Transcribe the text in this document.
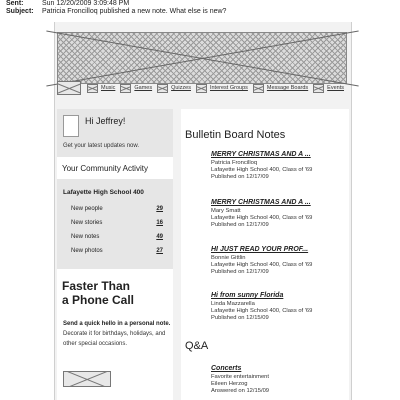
Sent:	Sun 12/20/2009 3:09:48 PM
Subject:	Patricia Froncilloq published a new note. What else is new?
Music	Games	Quizzes	Interest Groups	Message Boards	Events
Hi Jeffrey!
Get your latest updates now.
Your Community Activity
Lafayette High School 400
New people	29
New stories	16
New notes	49
New photos	27
Faster Than
a Phone Call
Send a quick hello in a personal note. Decorate it for birthdays, holidays, and other special occasions.
Bulletin Board Notes
MERRY CHRISTMAS AND A ...
Patricia Froncilloq
Lafayette High School 400, Class of '69
Published on 12/17/09
MERRY CHRISTMAS AND A ...
Mary Smatt
Lafayette High School 400, Class of '69
Published on 12/17/09
HI JUST READ YOUR PROF...
Bonnie Gittlin
Lafayette High School 400, Class of '69
Published on 12/17/09
Hi from sunny Florida
Linda Mazzarella
Lafayette High School 400, Class of '69
Published on 12/15/09
Q&A
Concerts
Favorite entertainment
Eileen Herzog
Answered on 12/15/09
